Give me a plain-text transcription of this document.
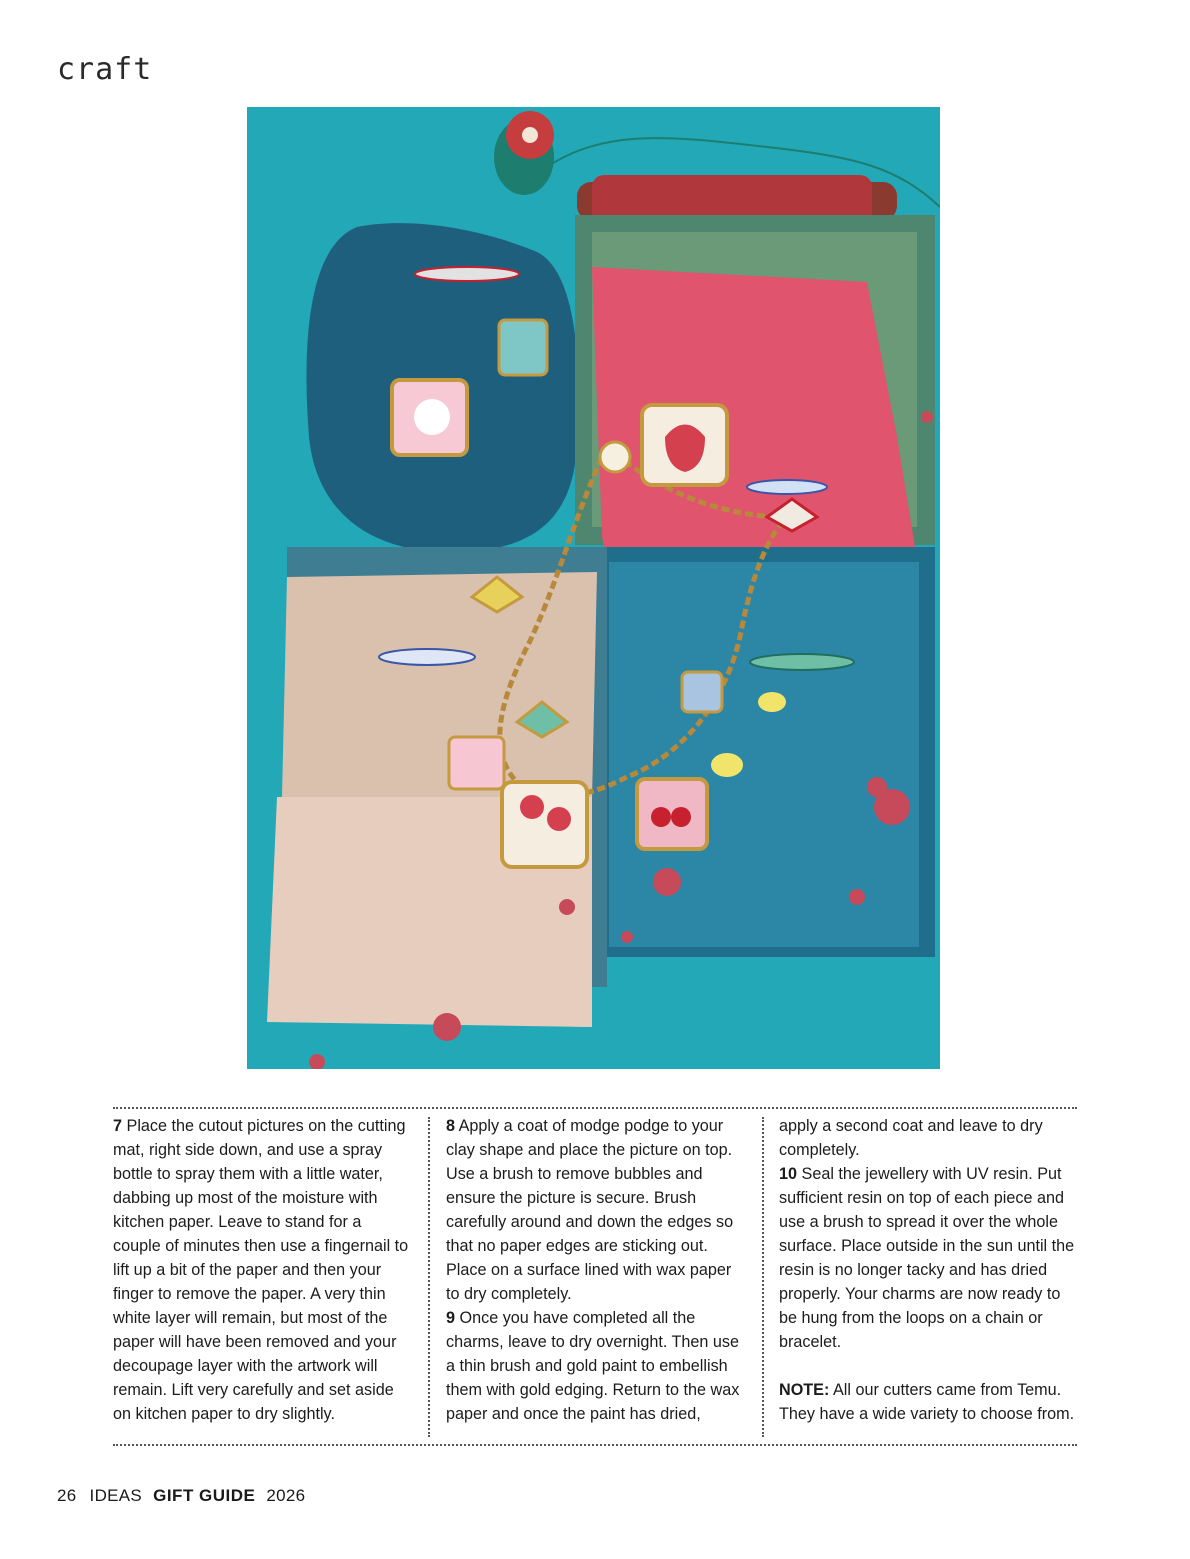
craft

7 Place the cutout pictures on the cutting mat, right side down, and use a spray bottle to spray them with a little water, dabbing up most of the moisture with kitchen paper. Leave to stand for a couple of minutes then use a fingernail to lift up a bit of the paper and then your finger to remove the paper. A very thin white layer will remain, but most of the paper will have been removed and your decoupage layer with the artwork will remain. Lift very carefully and set aside on kitchen paper to dry slightly.

8 Apply a coat of modge podge to your clay shape and place the picture on top. Use a brush to remove bubbles and ensure the picture is secure. Brush carefully around and down the edges so that no paper edges are sticking out. Place on a surface lined with wax paper to dry completely.

9 Once you have completed all the charms, leave to dry overnight. Then use a thin brush and gold paint to embellish them with gold edging. Return to the wax paper and once the paint has dried,

apply a second coat and leave to dry completely.

10 Seal the jewellery with UV resin. Put sufficient resin on top of each piece and use a brush to spread it over the whole surface. Place outside in the sun until the resin is no longer tacky and has dried properly. Your charms are now ready to be hung from the loops on a chain or bracelet.

NOTE: All our cutters came from Temu. They have a wide variety to choose from.

26 IDEAS GIFT GUIDE 2026
